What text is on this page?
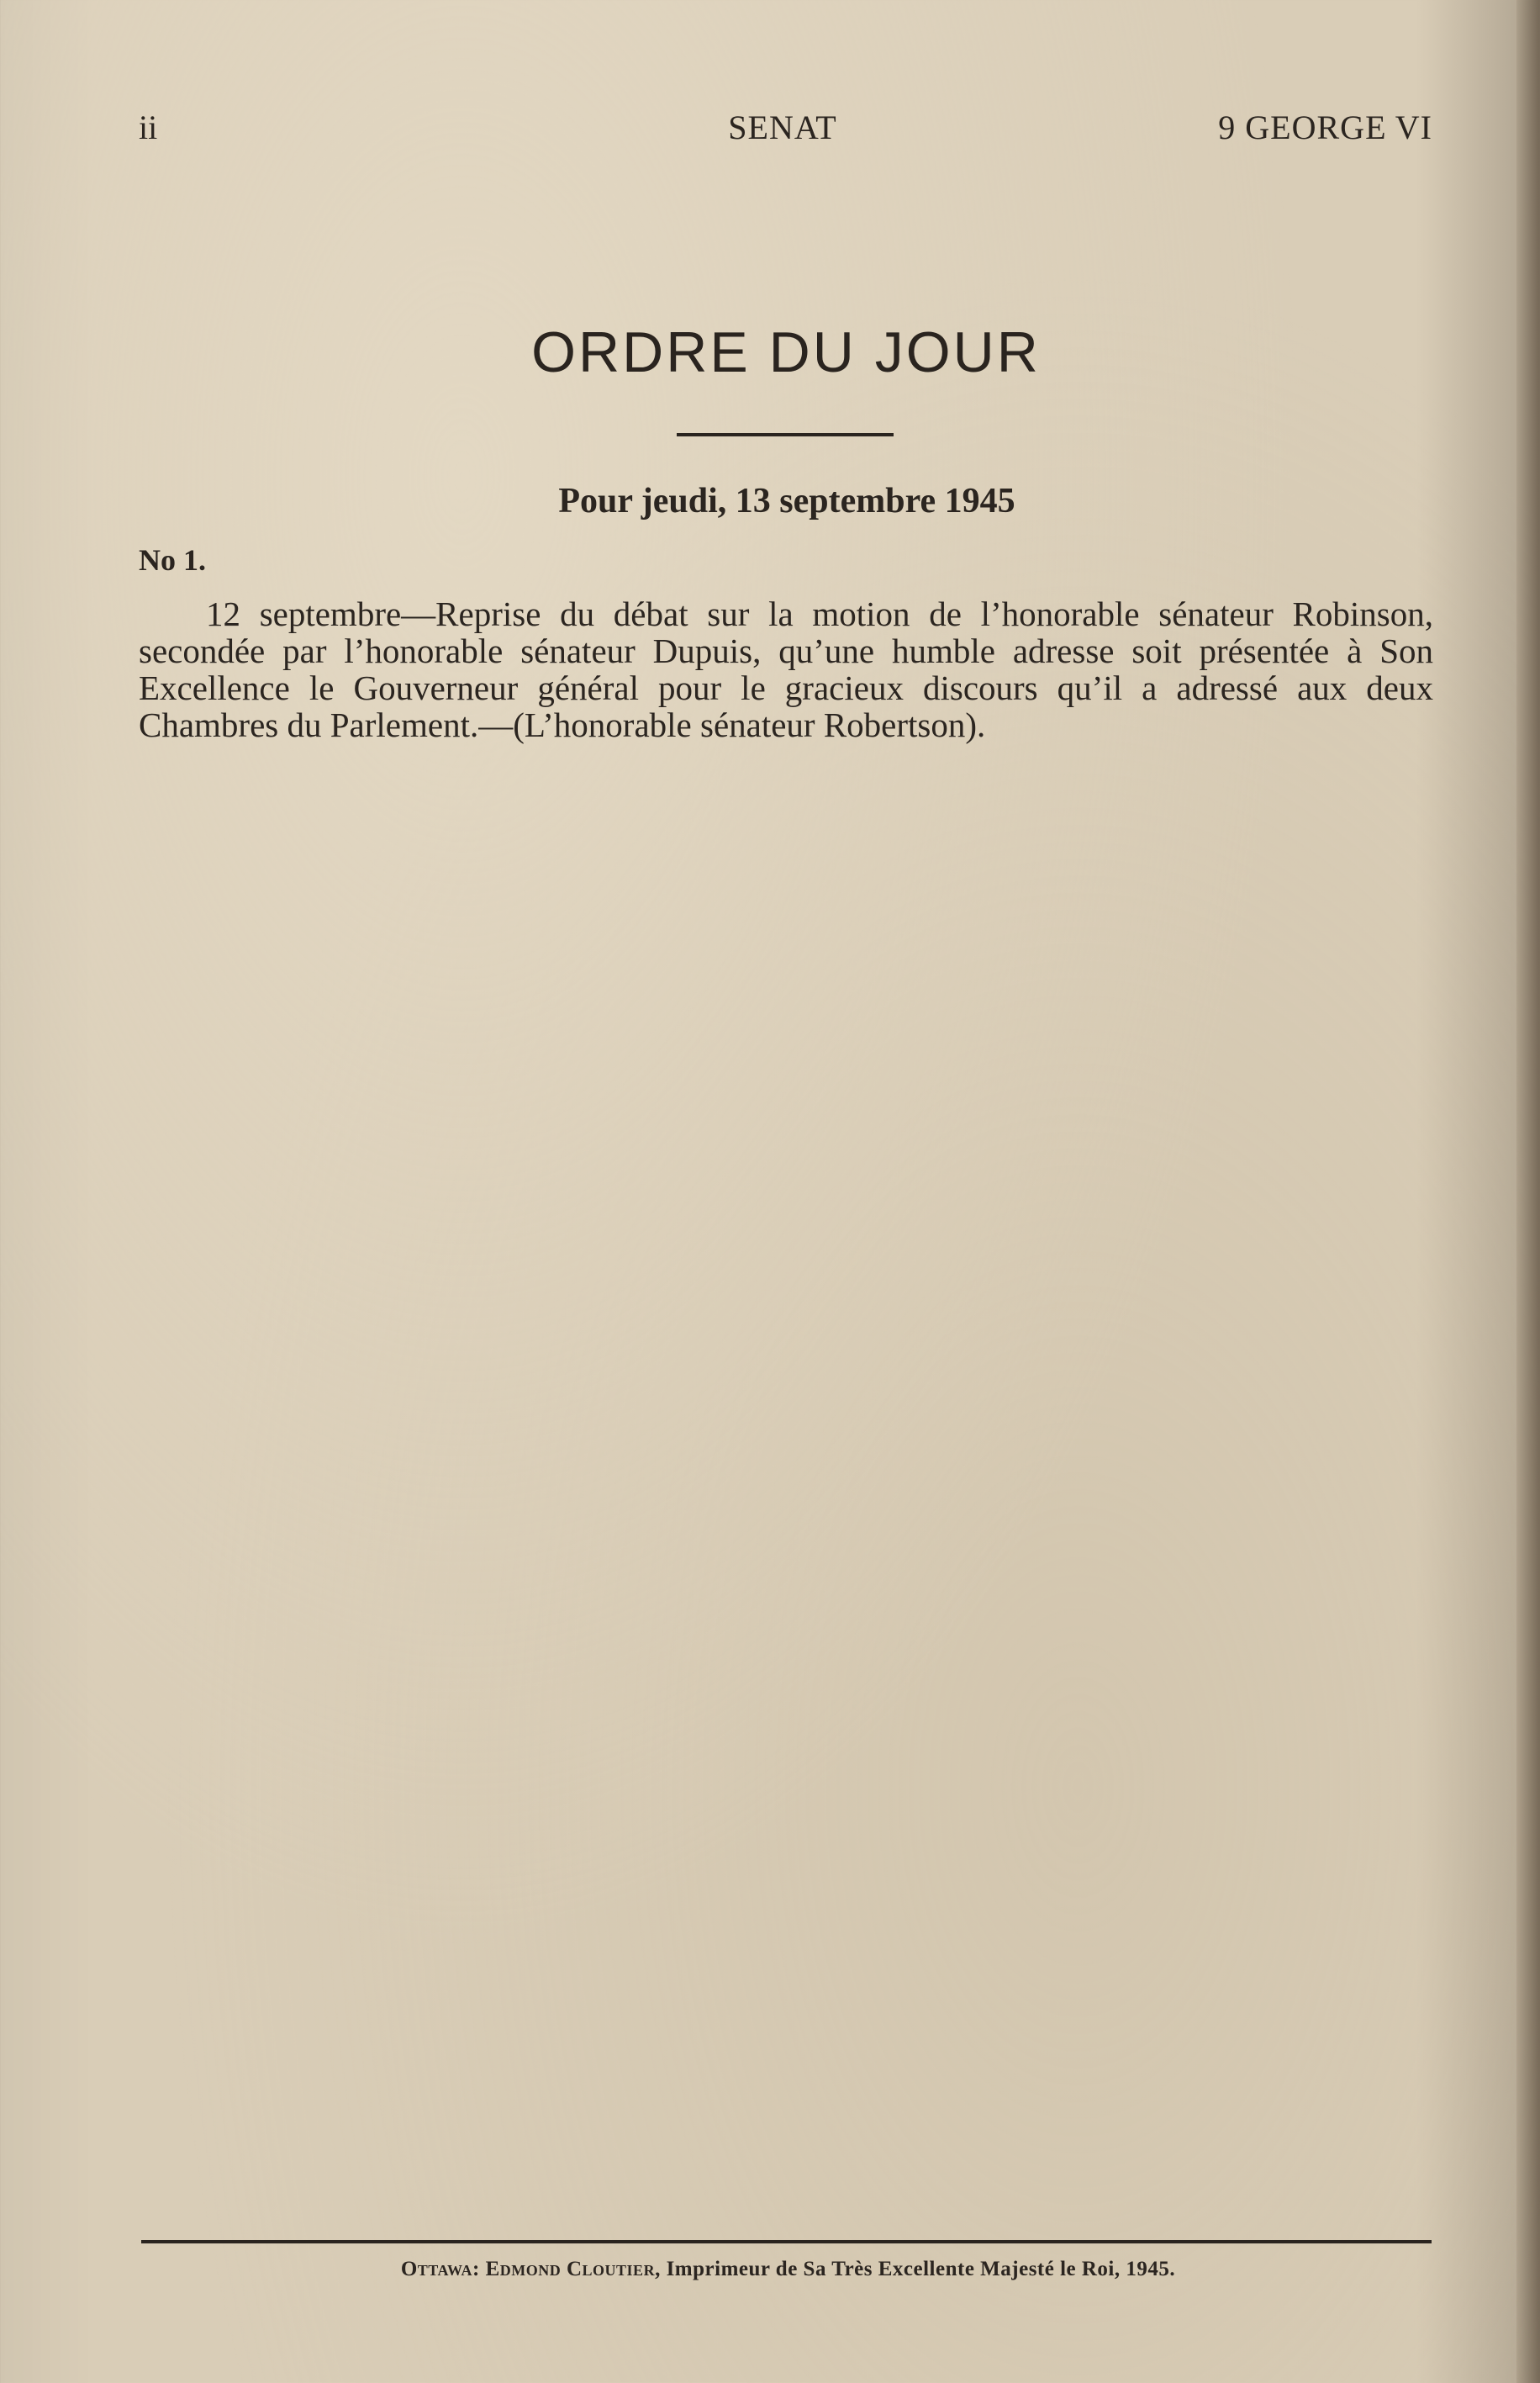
ii	SENAT	9 GEORGE VI
ORDRE DU JOUR
Pour jeudi, 13 septembre 1945
No 1.

12 septembre—Reprise du débat sur la motion de l’honorable sénateur Robinson, secondée par l’honorable sénateur Dupuis, qu’une humble adresse soit présentée à Son Excellence le Gouverneur général pour le gracieux discours qu’il a adressé aux deux Chambres du Parlement.—(L’honorable sénateur Robertson).

Ottawa: Edmond Cloutier, Imprimeur de Sa Très Excellente Majesté le Roi, 1945.
